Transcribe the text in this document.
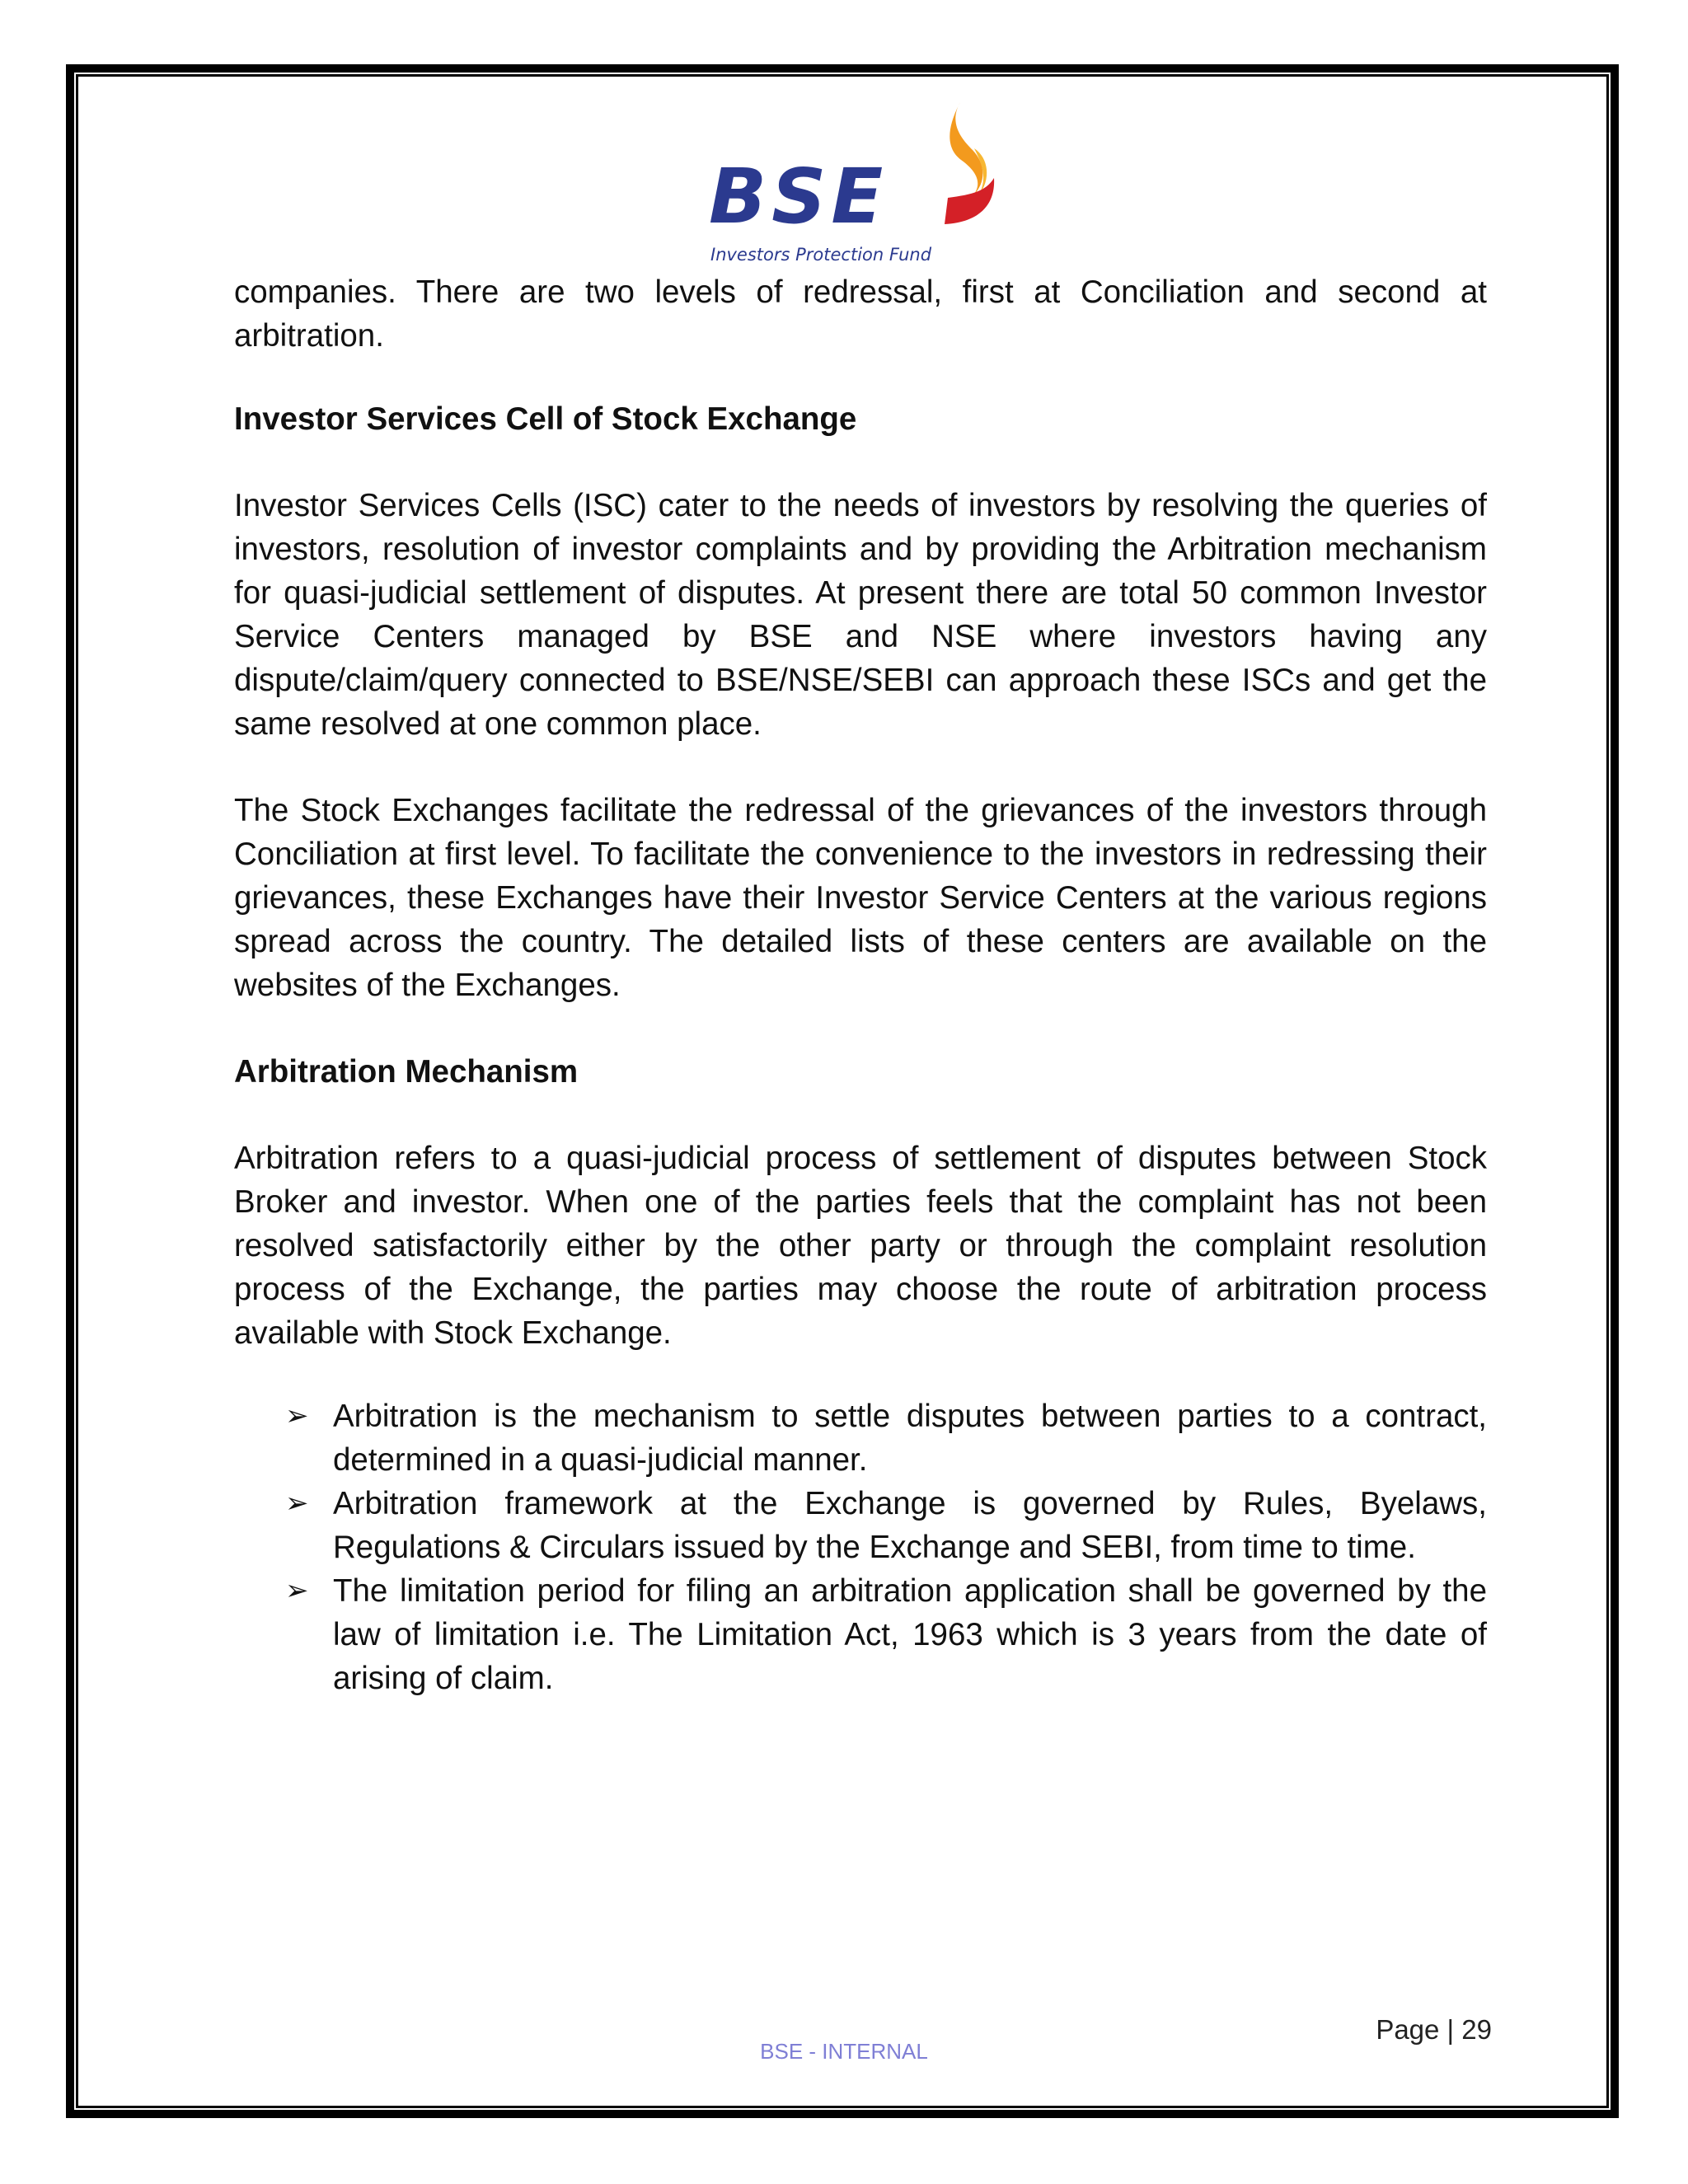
BSE
Investors Protection Fund

companies. There are two levels of redressal, first at Conciliation and second at arbitration.

Investor Services Cell of Stock Exchange

Investor Services Cells (ISC) cater to the needs of investors by resolving the queries of investors, resolution of investor complaints and by providing the Arbitration mechanism for quasi-judicial settlement of disputes. At present there are total 50 common Investor Service Centers managed by BSE and NSE where investors having any dispute/claim/query connected to BSE/NSE/SEBI can approach these ISCs and get the same resolved at one common place.

The Stock Exchanges facilitate the redressal of the grievances of the investors through Conciliation at first level. To facilitate the convenience to the investors in redressing their grievances, these Exchanges have their Investor Service Centers at the various regions spread across the country. The detailed lists of these centers are available on the websites of the Exchanges.

Arbitration Mechanism

Arbitration refers to a quasi-judicial process of settlement of disputes between Stock Broker and investor. When one of the parties feels that the complaint has not been resolved satisfactorily either by the other party or through the complaint resolution process of the Exchange, the parties may choose the route of arbitration process available with Stock Exchange.

➢ Arbitration is the mechanism to settle disputes between parties to a contract, determined in a quasi-judicial manner.
➢ Arbitration framework at the Exchange is governed by Rules, Byelaws, Regulations & Circulars issued by the Exchange and SEBI, from time to time.
➢ The limitation period for filing an arbitration application shall be governed by the law of limitation i.e. The Limitation Act, 1963 which is 3 years from the date of arising of claim.
Page | 29
BSE - INTERNAL
